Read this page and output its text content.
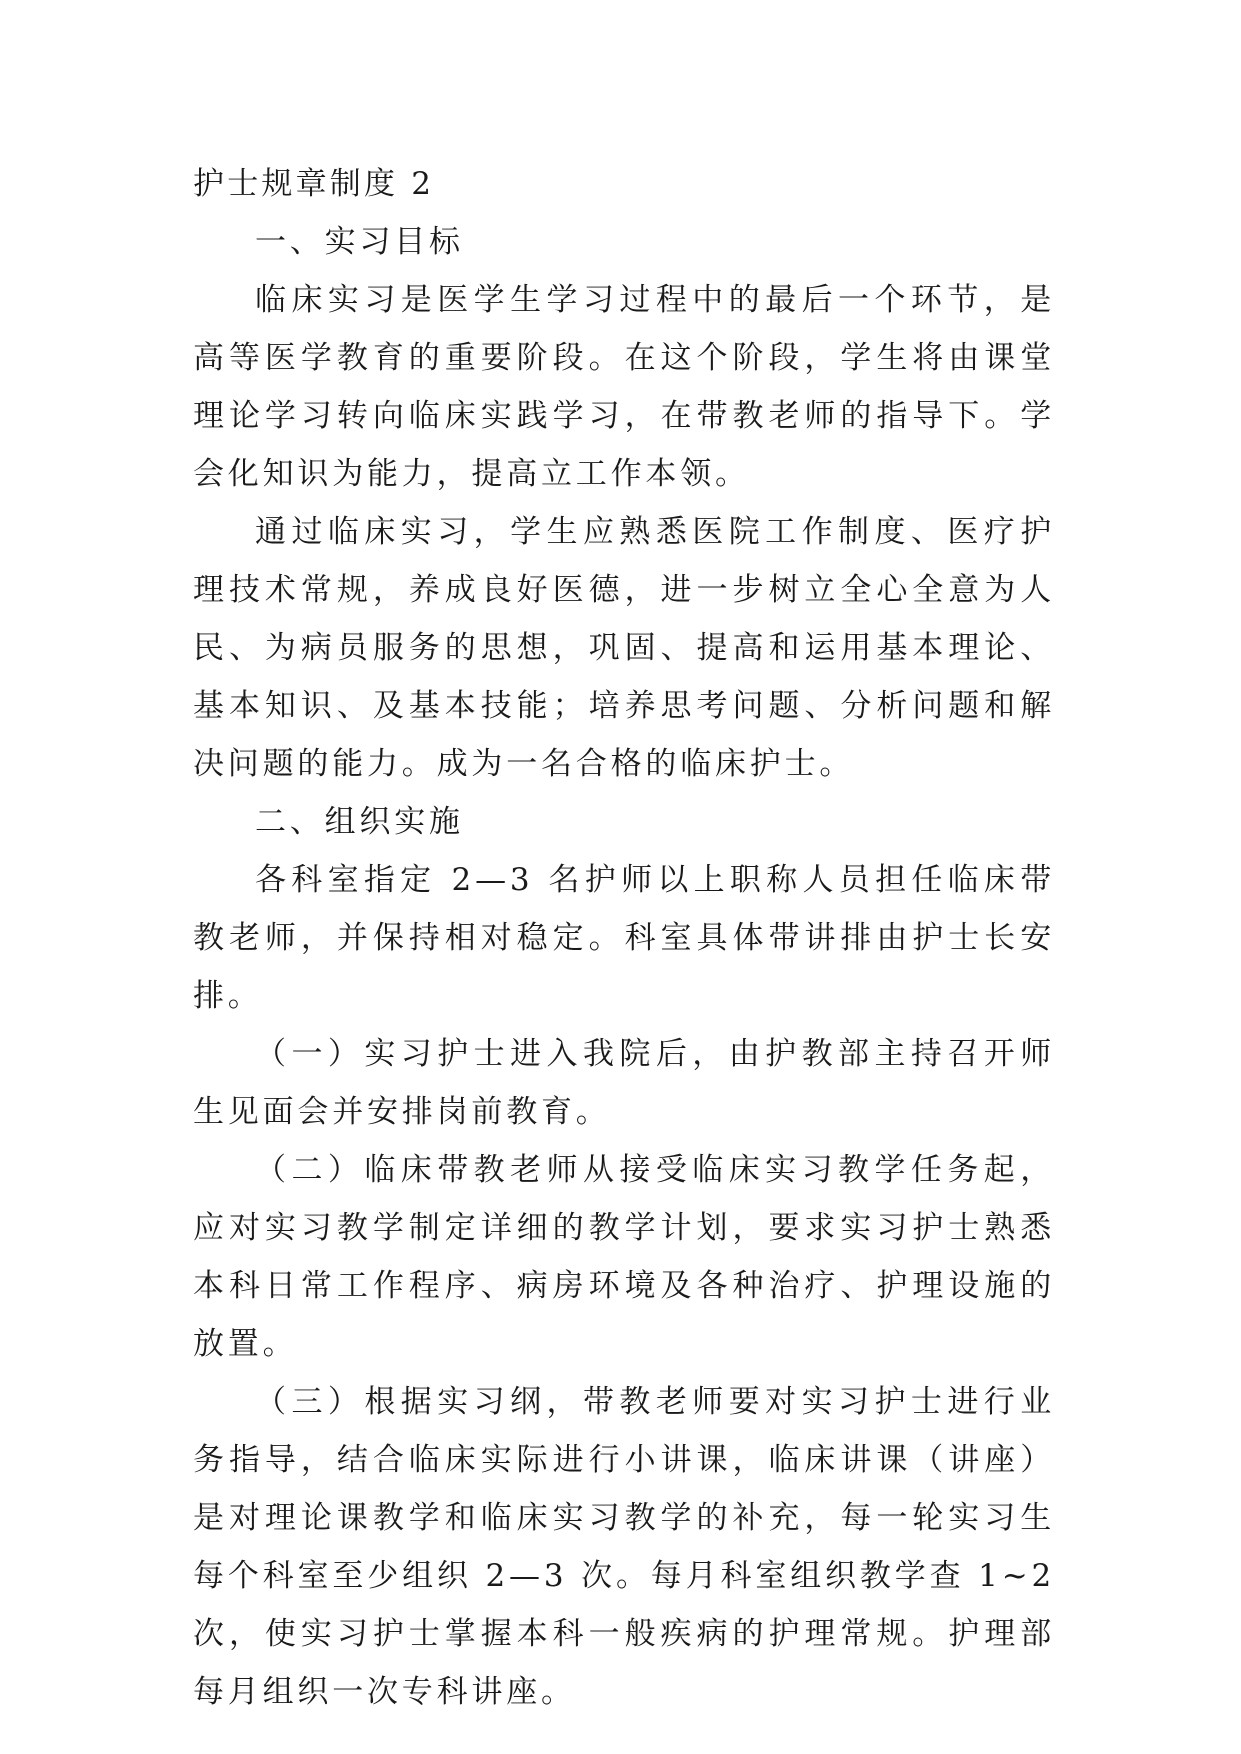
护士规章制度 2

一、实习目标

临床实习是医学生学习过程中的最后一个环节，是高等医学教育的重要阶段。在这个阶段，学生将由课堂理论学习转向临床实践学习，在带教老师的指导下。学会化知识为能力，提高立工作本领。

通过临床实习，学生应熟悉医院工作制度、医疗护理技术常规，养成良好医德，进一步树立全心全意为人民、为病员服务的思想，巩固、提高和运用基本理论、基本知识、及基本技能；培养思考问题、分析问题和解决问题的能力。成为一名合格的临床护士。

二、组织实施

各科室指定 2—3 名护师以上职称人员担任临床带教老师，并保持相对稳定。科室具体带讲排由护士长安排。

（一）实习护士进入我院后，由护教部主持召开师生见面会并安排岗前教育。

（二）临床带教老师从接受临床实习教学任务起，应对实习教学制定详细的教学计划，要求实习护士熟悉本科日常工作程序、病房环境及各种治疗、护理设施的放置。

（三）根据实习纲，带教老师要对实习护士进行业务指导，结合临床实际进行小讲课，临床讲课（讲座）是对理论课教学和临床实习教学的补充，每一轮实习生每个科室至少组织 2—3 次。每月科室组织教学查 1~2 次，使实习护士掌握本科一般疾病的护理常规。护理部每月组织一次专科讲座。
